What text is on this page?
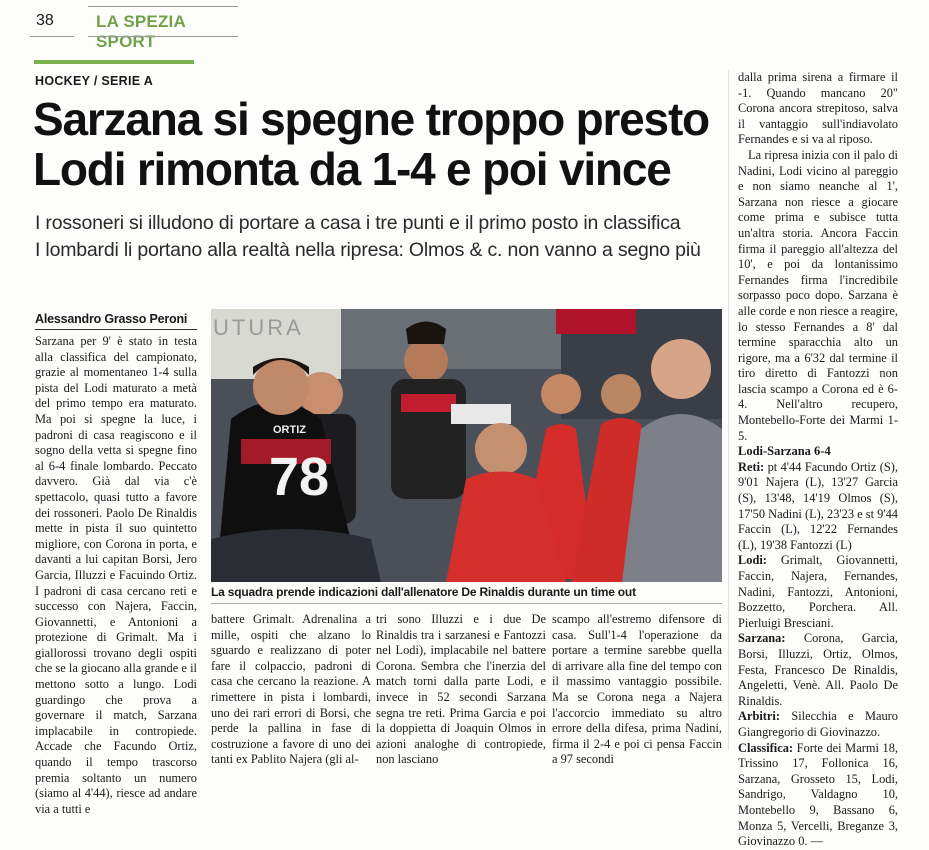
38 LA SPEZIA SPORT
HOCKEY / SERIE A
Sarzana si spegne troppo presto
Lodi rimonta da 1-4 e poi vince
I rossoneri si illudono di portare a casa i tre punti e il primo posto in classifica
I lombardi li portano alla realtà nella ripresa: Olmos & c. non vanno a segno più
Alessandro Grasso Peroni

Sarzana per 9' è stato in testa alla classifica del campionato, grazie al momentaneo 1-4 sulla pista del Lodi maturato a metà del primo tempo era maturato. Ma poi si spegne la luce, i padroni di casa reagiscono e il sogno della vetta si spegne fino al 6-4 finale lombardo. Peccato davvero. Già dal via c'è spettacolo, quasi tutto a favore dei rossoneri. Paolo De Rinaldis mette in pista il suo quintetto migliore, con Corona in porta, e davanti a lui capitan Borsi, Jero Garcia, Illuzzi e Facuindo Ortiz. I padroni di casa cercano reti e successo con Najera, Faccin, Giovannetti, e Antonioni a protezione di Grimalt. Ma i giallorossi trovano degli ospiti che se la giocano alla grande e il mettono sotto a lungo. Lodi guardingo che prova a governare il match, Sarzana implacabile in contropiede. Accade che Facundo Ortiz, quando il tempo trascorso premia soltanto un numero (siamo al 4'44), riesce ad andare via a tutti e

UTURA
ORTIZ
78
La squadra prende indicazioni dall'allenatore De Rinaldis durante un time out

battere Grimalt. Adrenalina a mille, ospiti che alzano lo sguardo e realizzano di poter fare il colpaccio, padroni di casa che cercano la reazione. A rimettere in pista i lombardi, uno dei rari errori di Borsi, che perde la pallina in fase di costruzione a favore di uno dei tanti ex Pablito Najera (gli al-

tri sono Illuzzi e i due De Rinaldis tra i sarzanesi e Fantozzi nel Lodi), implacabile nel battere Corona. Sembra che l'inerzia del match torni dalla parte Lodi, e invece in 52 secondi Sarzana segna tre reti. Prima Garcia e poi la doppietta di Joaquin Olmos in azioni analoghe di contropiede, non lasciano

scampo all'estremo difensore di casa. Sull'1-4 l'operazione da portare a termine sarebbe quella di arrivare alla fine del tempo con il massimo vantaggio possibile. Ma se Corona nega a Najera l'accorcio immediato su altro errore della difesa, prima Nadini, firma il 2-4 e poi ci pensa Faccin a 97 secondi

dalla prima sirena a firmare il -1. Quando mancano 20" Corona ancora strepitoso, salva il vantaggio sull'indiavolato Fernandes e si va al riposo.

La ripresa inizia con il palo di Nadini, Lodi vicino al pareggio e non siamo neanche al 1', Sarzana non riesce a giocare come prima e subisce tutta un'altra storia. Ancora Faccin firma il pareggio all'altezza del 10', e poi da lontanissimo Fernandes firma l'incredibile sorpasso poco dopo. Sarzana è alle corde e non riesce a reagire, lo stesso Fernandes a 8' dal termine sparacchia alto un rigore, ma a 6'32 dal termine il tiro diretto di Fantozzi non lascia scampo a Corona ed è 6-4. Nell'altro recupero, Montebello-Forte dei Marmi 1-5.

Lodi-Sarzana 6-4

Reti: pt 4'44 Facundo Ortiz (S), 9'01 Najera (L), 13'27 Garcia (S), 13'48, 14'19 Olmos (S), 17'50 Nadini (L), 23'23 e st 9'44 Faccin (L), 12'22 Fernandes (L), 19'38 Fantozzi (L)

Lodi: Grimalt, Giovannetti, Faccin, Najera, Fernandes, Nadini, Fantozzi, Antonioni, Bozzetto, Porchera. All. Pierluigi Bresciani.

Sarzana: Corona, Garcia, Borsi, Illuzzi, Ortiz, Olmos, Festa, Francesco De Rinaldis, Angeletti, Venè. All. Paolo De Rinaldis.

Arbitri: Silecchia e Mauro Giangregorio di Giovinazzo.

Classifica: Forte dei Marmi 18, Trissino 17, Follonica 16, Sarzana, Grosseto 15, Lodi, Sandrigo, Valdagno 10, Montebello 9, Bassano 6, Monza 5, Vercelli, Breganze 3, Giovinazzo 0. —
